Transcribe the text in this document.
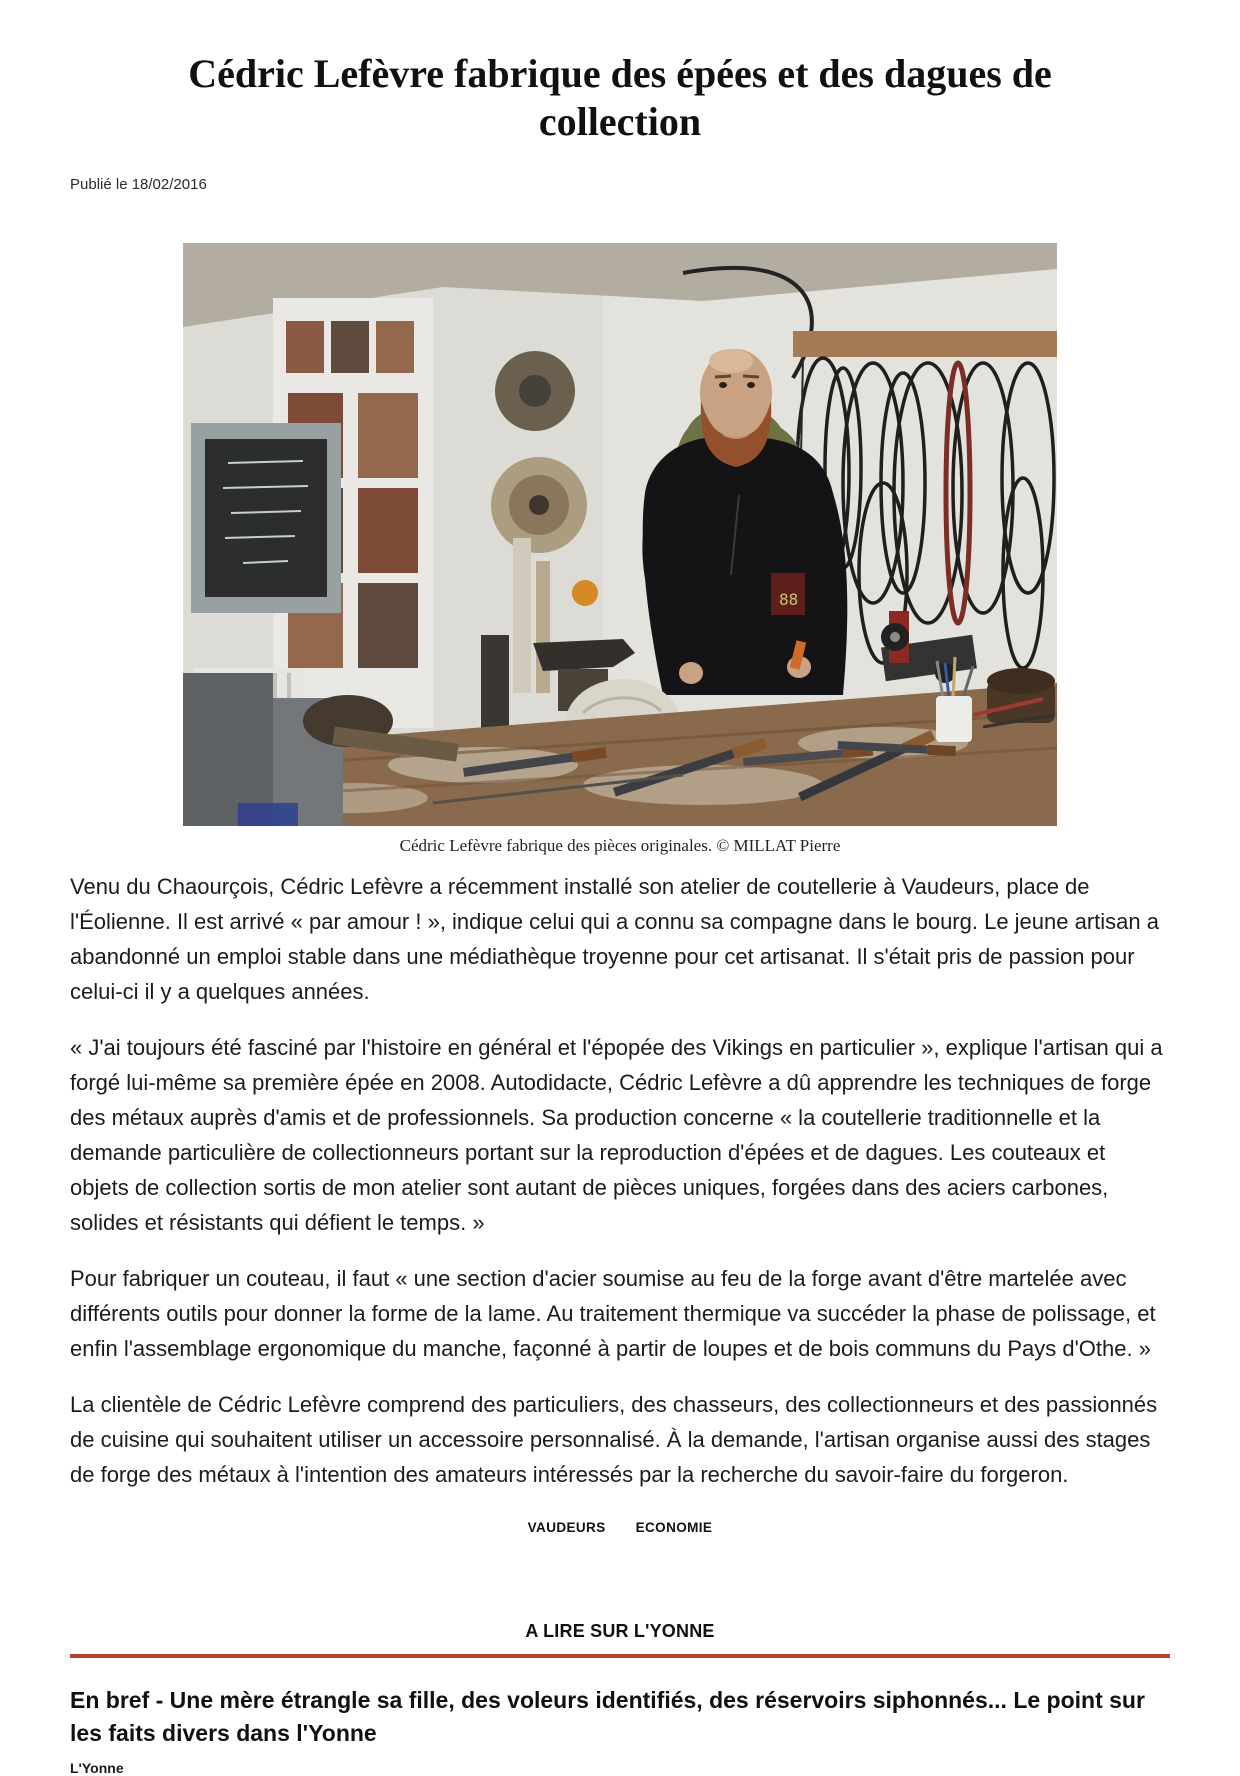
Cédric Lefèvre fabrique des épées et des dagues de collection
Publié le 18/02/2016
88
Cédric Lefèvre fabrique des pièces originales. © MILLAT Pierre

Venu du Chaourçois, Cédric Lefèvre a récemment installé son atelier de coutellerie à Vaudeurs, place de l'Éolienne. Il est arrivé « par amour ! », indique celui qui a connu sa compagne dans le bourg. Le jeune artisan a abandonné un emploi stable dans une médiathèque troyenne pour cet artisanat. Il s'était pris de passion pour celui-ci il y a quelques années.

« J'ai toujours été fasciné par l'histoire en général et l'épopée des Vikings en particulier », explique l'artisan qui a forgé lui-même sa première épée en 2008. Autodidacte, Cédric Lefèvre a dû apprendre les techniques de forge des métaux auprès d'amis et de professionnels. Sa production concerne « la coutellerie traditionnelle et la demande particulière de collectionneurs portant sur la reproduction d'épées et de dagues. Les couteaux et objets de collection sortis de mon atelier sont autant de pièces uniques, forgées dans des aciers carbones, solides et résistants qui défient le temps. »

Pour fabriquer un couteau, il faut « une section d'acier soumise au feu de la forge avant d'être martelée avec différents outils pour donner la forme de la lame. Au traitement thermique va succéder la phase de polissage, et enfin l'assemblage ergonomique du manche, façonné à partir de loupes et de bois communs du Pays d'Othe. »

La clientèle de Cédric Lefèvre comprend des particuliers, des chasseurs, des collectionneurs et des passionnés de cuisine qui souhaitent utiliser un accessoire personnalisé. À la demande, l'artisan organise aussi des stages de forge des métaux à l'intention des amateurs intéressés par la recherche du savoir-faire du forgeron.

VAUDEURS ECONOMIE
A LIRE SUR L'YONNE
En bref - Une mère étrangle sa fille, des voleurs identifiés, des réservoirs siphonnés... Le point sur les faits divers dans l'Yonne
L'Yonne
